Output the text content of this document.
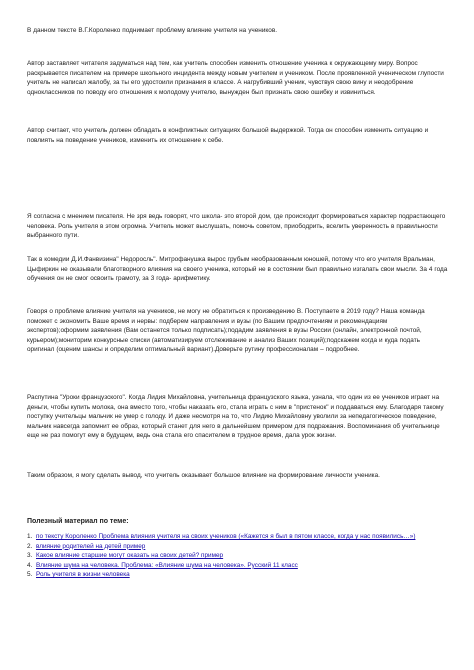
В данном тексте В.Г.Короленко поднимает проблему влияние учителя на учеников.

Автор заставляет читателя задуматься над тем, как учитель способен изменить отношение ученика к окружающему миру. Вопрос раскрывается писателем на примере школьного инцидента между новым учителем и учеником. После проявленной ученическом глупости учитель не написал жалобу, за ты его удостоили признания в классе. А нагрубивший ученик, чувствуя свою вину и неодобрение одноклассников по поводу его отношения к молодому учителю, вынужден был признать свою ошибку и извиниться.

Автор считает, что учитель должен обладать в конфликтных ситуациях большой выдержкой. Тогда он способен изменить ситуацию и повлиять на поведение учеников, изменить их отношение к себе.

Я согласна с мнением писателя. Не зря ведь говорят, что школа- это второй дом, где происходит формироваться характер подрастающего человека. Роль учителя в этом огромна. Учитель может выслушать, помочь советом, приободрить, вселить уверенность в правильности выбранного пути.

Так в комедии Д.И.Фанвизина" Недоросль". Митрофанушка вырос грубым необразованным юношей, потому что его учителя Вральман, Цыфиркин не оказывали благотворного влияния на своего ученика, который не в состоянии был правильно изгалать свои мысли. За 4 года обучения он не смог освоить грамоту, за 3 года- арифметику.

Говоря о проблеме влияние учителя на учеников, не могу не обратиться к произведению В. Поступаете в 2019 году? Наша команда поможет с экономить Ваше время и нервы: подберем направления и вузы (по Вашим предпочтениям и рекомендациям экспертов);оформим заявления (Вам останется только подписать);подадим заявления в вузы России (онлайн, электронной почтой, курьером);мониторим конкурсные списки (автоматизируем отслеживание и анализ Ваших позиций);подскажем когда и куда подать оригинал (оценим шансы и определим оптимальный вариант).Доверьте рутину профессионалам – подробнее.

Распутина "Уроки французского". Когда Лидия Михайловна, учительница французского языка, узнала, что один из ее учеников играет на деньги, чтобы купить молока, она вместо того, чтобы наказать его, стала играть с ним в "пристенок" и поддаваться ему. Благодаря такому поступку учительцы мальчик не умер с голоду. И даже несмотря на то, что Лидию Михайловну уволили за непедагогическое поведение, мальчик навсегда запомнит ее образ, который станет для него в дальнейшем примером для подражания. Воспоминания об учительнице еще не раз помогут ему в будущем, ведь она стала его спасителем в трудное время, дала урок жизни.

Таким образом, я могу сделать вывод, что учитель оказывает большое влияние на формирование личности ученика.

Полезный материал по теме:

1. по тексту Короленко Проблема влияния учителя на своих учеников («Кажется я был в пятом классе, когда у нас появились…»)
2. влияние родителей на детей пример
3. Какое влияние старшие могут оказать на своих детей? пример
4. Влияние шума на человека. Проблема: «Влияние шума на человека». Русский 11 класс
5. Роль учителя в жизни человека
